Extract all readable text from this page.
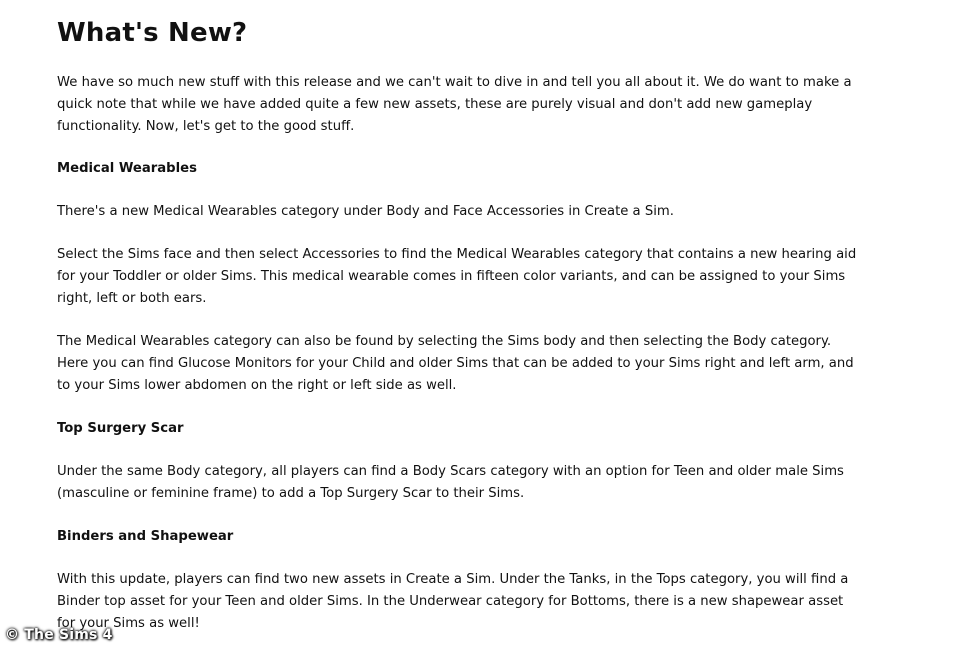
What's New?

We have so much new stuff with this release and we can't wait to dive in and tell you all about it. We do want to make a quick note that while we have added quite a few new assets, these are purely visual and don't add new gameplay functionality. Now, let's get to the good stuff.

Medical Wearables

There's a new Medical Wearables category under Body and Face Accessories in Create a Sim.

Select the Sims face and then select Accessories to find the Medical Wearables category that contains a new hearing aid for your Toddler or older Sims. This medical wearable comes in fifteen color variants, and can be assigned to your Sims right, left or both ears.

The Medical Wearables category can also be found by selecting the Sims body and then selecting the Body category. Here you can find Glucose Monitors for your Child and older Sims that can be added to your Sims right and left arm, and to your Sims lower abdomen on the right or left side as well.

Top Surgery Scar

Under the same Body category, all players can find a Body Scars category with an option for Teen and older male Sims (masculine or feminine frame) to add a Top Surgery Scar to their Sims.

Binders and Shapewear

With this update, players can find two new assets in Create a Sim. Under the Tanks, in the Tops category, you will find a Binder top asset for your Teen and older Sims. In the Underwear category for Bottoms, there is a new shapewear asset for your Sims as well!

© The Sims 4
